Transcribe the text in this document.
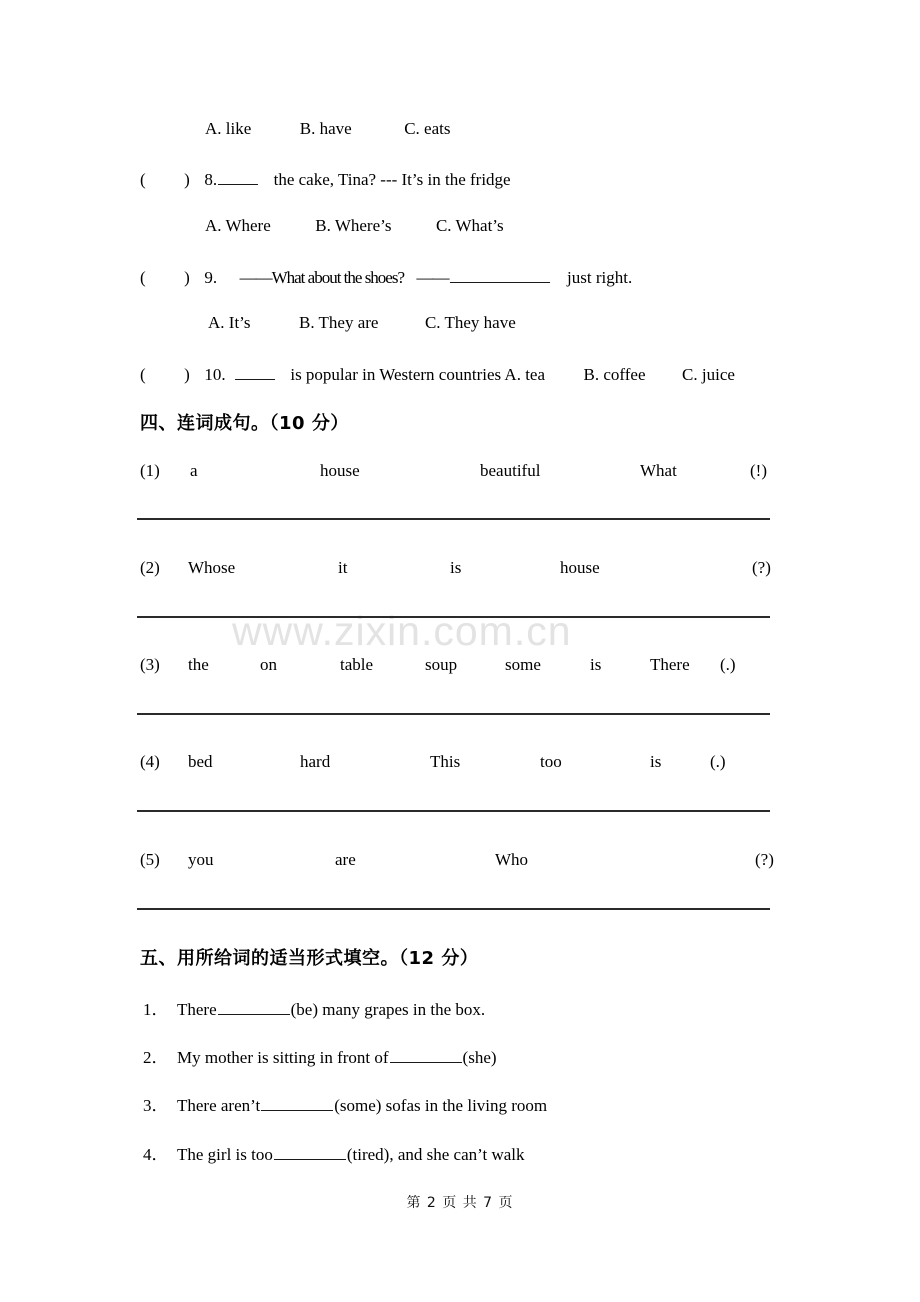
www.zixin.com.cn
A. like	B. have	C. eats
( ) 8.	the cake, Tina? --- It’s in the fridge
A. Where	B. Where’s	C. What’s
( ) 9. ——What about the shoes? ——	just right.
A. It’s	B. They are	C. They have
( ) 10.	is popular in Western countries A. tea B. coffee C. juice
四、连词成句。（10 分）
(1) a	house	beautiful	What	(!)
(2) Whose	it	is	house	(?)
(3) the	on	table	soup	some	is	There (.)
(4) bed	hard	This	too	is	(.)
(5) you	are	Who	(?)
五、用所给词的适当形式填空。（12 分）
1． There	(be) many grapes in the box.
2． My mother is sitting in front of	(she)
3． There aren’t	(some) sofas in the living room
4． The girl is too	(tired), and she can’t walk
第 2 页 共 7 页
